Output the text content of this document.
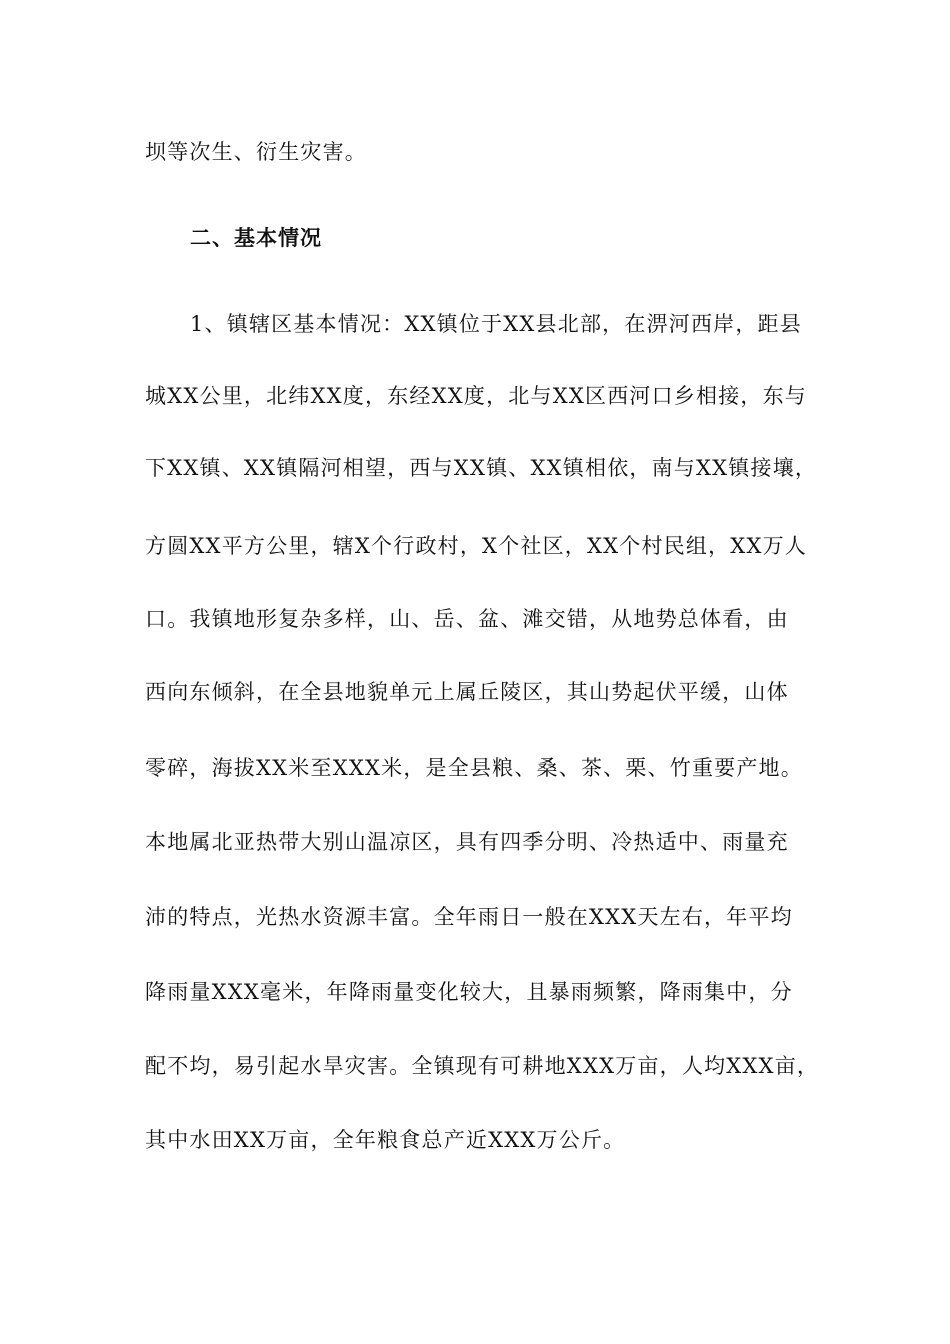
坝等次生、衍生灾害。
二、基本情况
1、镇辖区基本情况：XX镇位于XX县北部，在淠河西岸，距县
城XX公里，北纬XX度，东经XX度，北与XX区西河口乡相接，东与
下XX镇、XX镇隔河相望，西与XX镇、XX镇相依，南与XX镇接壤，
方圆XX平方公里，辖X个行政村，X个社区，XX个村民组，XX万人
口。我镇地形复杂多样，山、岳、盆、滩交错，从地势总体看，由
西向东倾斜，在全县地貌单元上属丘陵区，其山势起伏平缓，山体
零碎，海拔XX米至XXX米，是全县粮、桑、茶、栗、竹重要产地。
本地属北亚热带大别山温凉区，具有四季分明、冷热适中、雨量充
沛的特点，光热水资源丰富。全年雨日一般在XXX天左右，年平均
降雨量XXX毫米，年降雨量变化较大，且暴雨频繁，降雨集中，分
配不均，易引起水旱灾害。全镇现有可耕地XXX万亩，人均XXX亩，
其中水田XX万亩，全年粮食总产近XXX万公斤。
